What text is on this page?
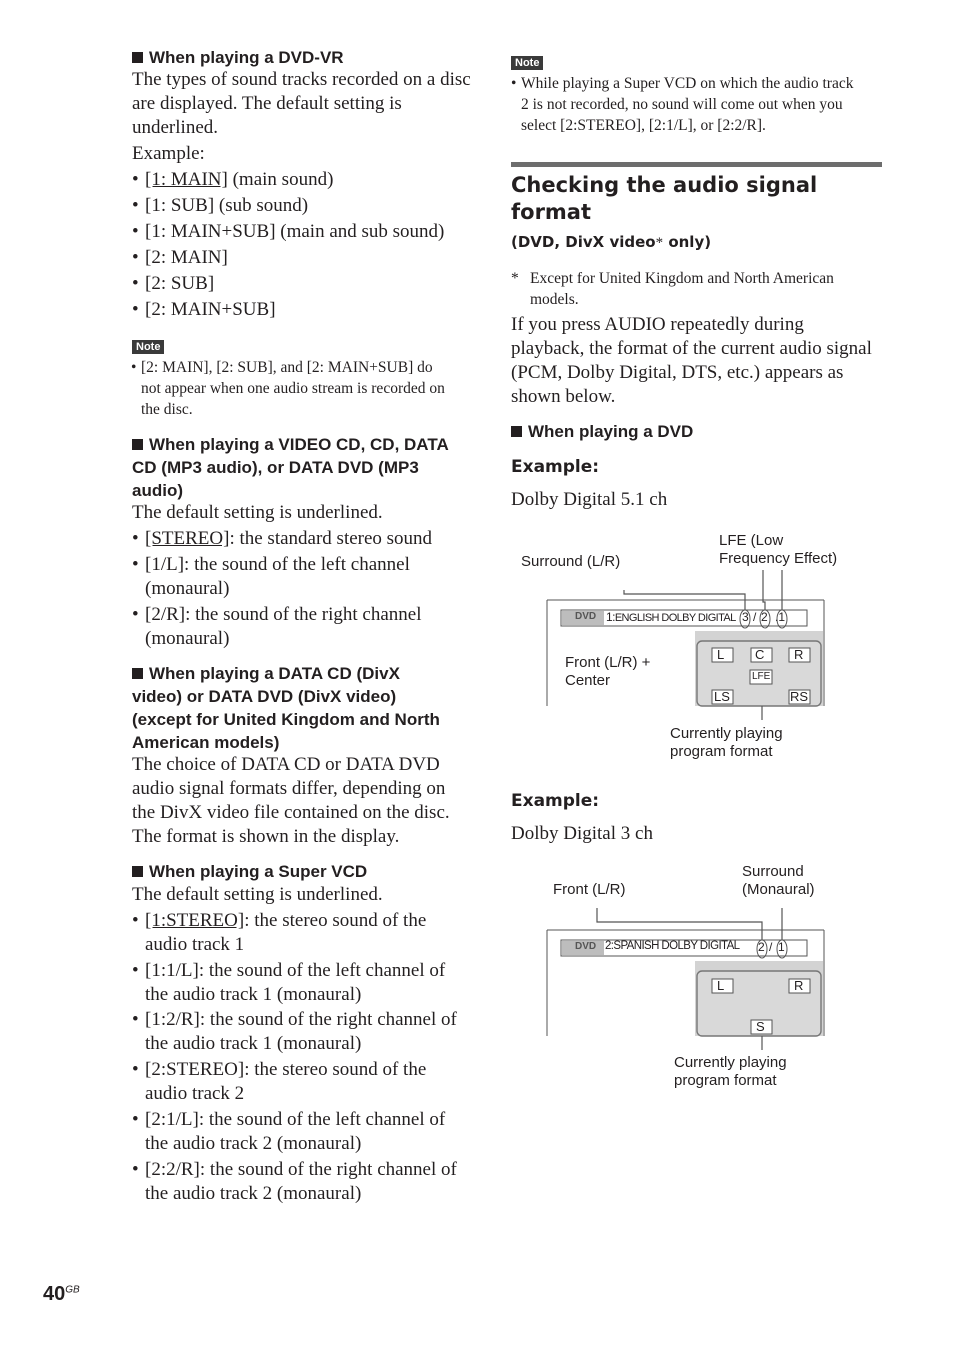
When playing a DVD-VR
The types of sound tracks recorded on a disc
are displayed. The default setting is
underlined.
Example:
• [1: MAIN] (main sound)
• [1: SUB] (sub sound)
• [1: MAIN+SUB] (main and sub sound)
• [2: MAIN]
• [2: SUB]
• [2: MAIN+SUB]
Note
• [2: MAIN], [2: SUB], and [2: MAIN+SUB] do
not appear when one audio stream is recorded on
the disc.
When playing a VIDEO CD, CD, DATA
CD (MP3 audio), or DATA DVD (MP3
audio)
The default setting is underlined.
• [STEREO]: the standard stereo sound
• [1/L]: the sound of the left channel
(monaural)
• [2/R]: the sound of the right channel
(monaural)
When playing a DATA CD (DivX
video) or DATA DVD (DivX video)
(except for United Kingdom and North
American models)
The choice of DATA CD or DATA DVD
audio signal formats differ, depending on
the DivX video file contained on the disc.
The format is shown in the display.
When playing a Super VCD
The default setting is underlined.
• [1:STEREO]: the stereo sound of the
audio track 1
• [1:1/L]: the sound of the left channel of
the audio track 1 (monaural)
• [1:2/R]: the sound of the right channel of
the audio track 1 (monaural)
• [2:STEREO]: the stereo sound of the
audio track 2
• [2:1/L]: the sound of the left channel of
the audio track 2 (monaural)
• [2:2/R]: the sound of the right channel of
the audio track 2 (monaural)
Note
• While playing a Super VCD on which the audio track
2 is not recorded, no sound will come out when you
select [2:STEREO], [2:1/L], or [2:2/R].
Checking the audio signal
format
(DVD, DivX video* only)
* Except for United Kingdom and North American
models.
If you press AUDIO repeatedly during
playback, the format of the current audio signal
(PCM, Dolby Digital, DTS, etc.) appears as
shown below.
When playing a DVD
Example:
Dolby Digital 5.1 ch
Surround (L/R)
LFE (Low
Frequency Effect)
Front (L/R) +
Center
Currently playing
program format
DVD 1:ENGLISH DOLBY DIGITAL 3 / 2 .1
L C R
LFE
LS	RS
Example:
Dolby Digital 3 ch
Front (L/R)
Surround
(Monaural)
Currently playing
program format
DVD 2:SPANISH DOLBY DIGITAL 2 / 1
L	R
S
$40^{GB}$
